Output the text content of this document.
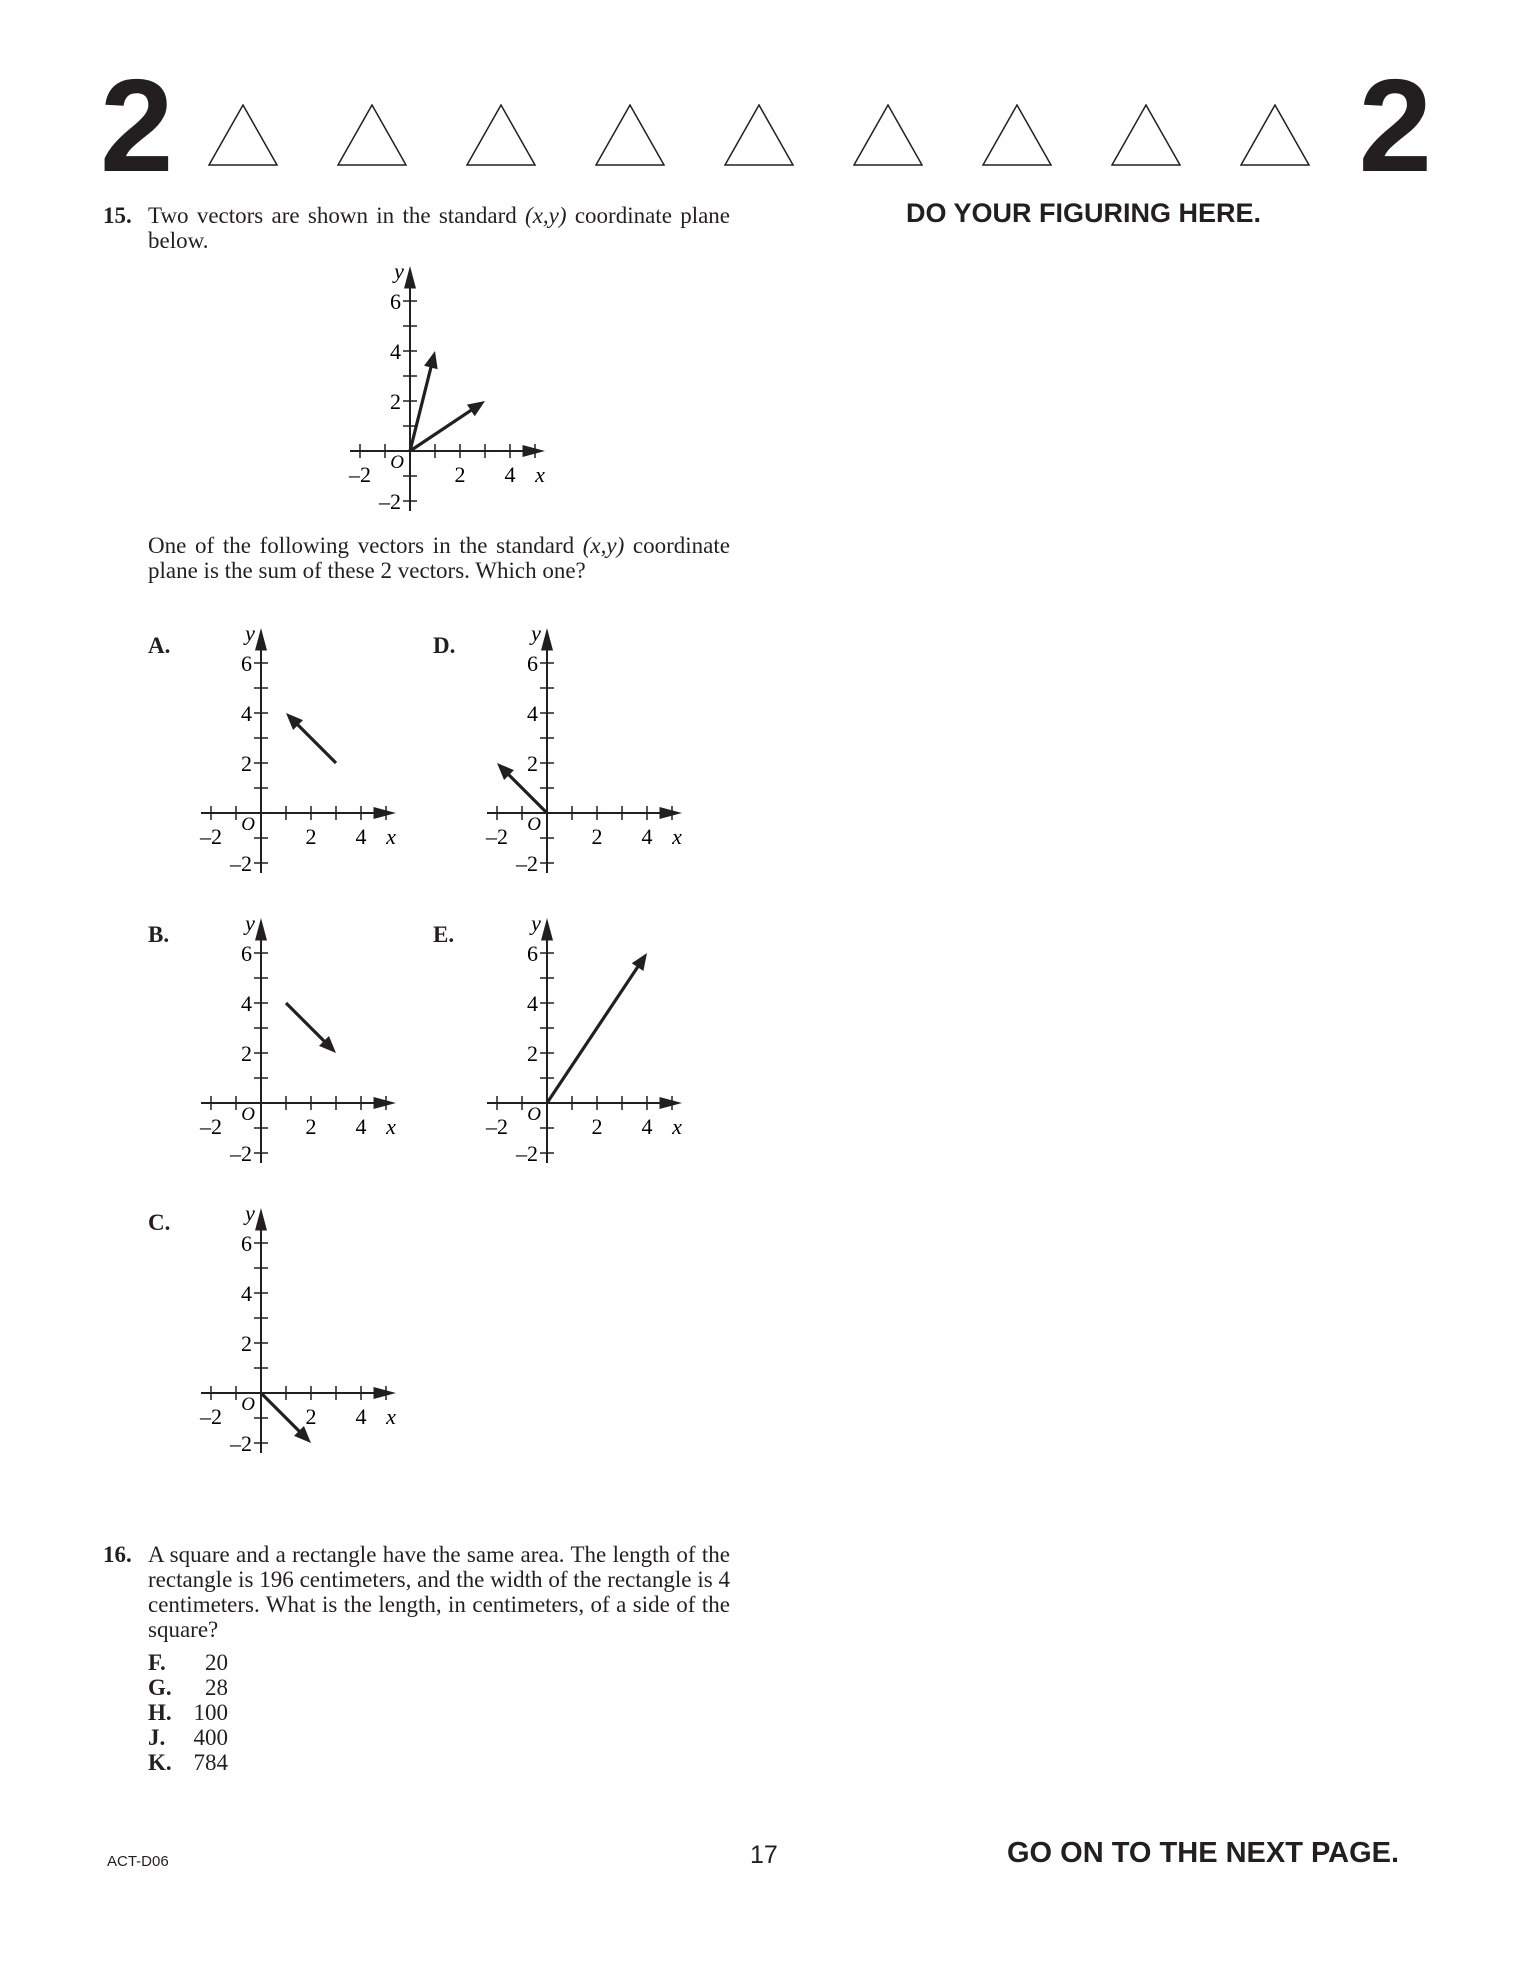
2	2
DO YOUR FIGURING HERE.
15. Two vectors are shown in the standard (x,y) coordinate plane below.
–2	2 4 x
O
6
4
2
–2
y
–2	2 4 x
O
6
4
2
–2
y
–2	2 4 x
O
6
4
2
–2
y
–2	2 4 x
O
6
4
2
–2
y
–2	2 4 x
O
6
4
2
–2
y
–2	2 4 x
O
6
4
2
–2
y
One of the following vectors in the standard (x,y) coordinate plane is the sum of these 2 vectors. Which one?
A.
B.
C.
D.
E.
16. A square and a rectangle have the same area. The length of the rectangle is 196 centimeters, and the width of the rectangle is 4 centimeters. What is the length, in centimeters, of a side of the square?
F. 20
G. 28
H. 100
J. 400
K. 784
ACT-D06	17	GO ON TO THE NEXT PAGE.
